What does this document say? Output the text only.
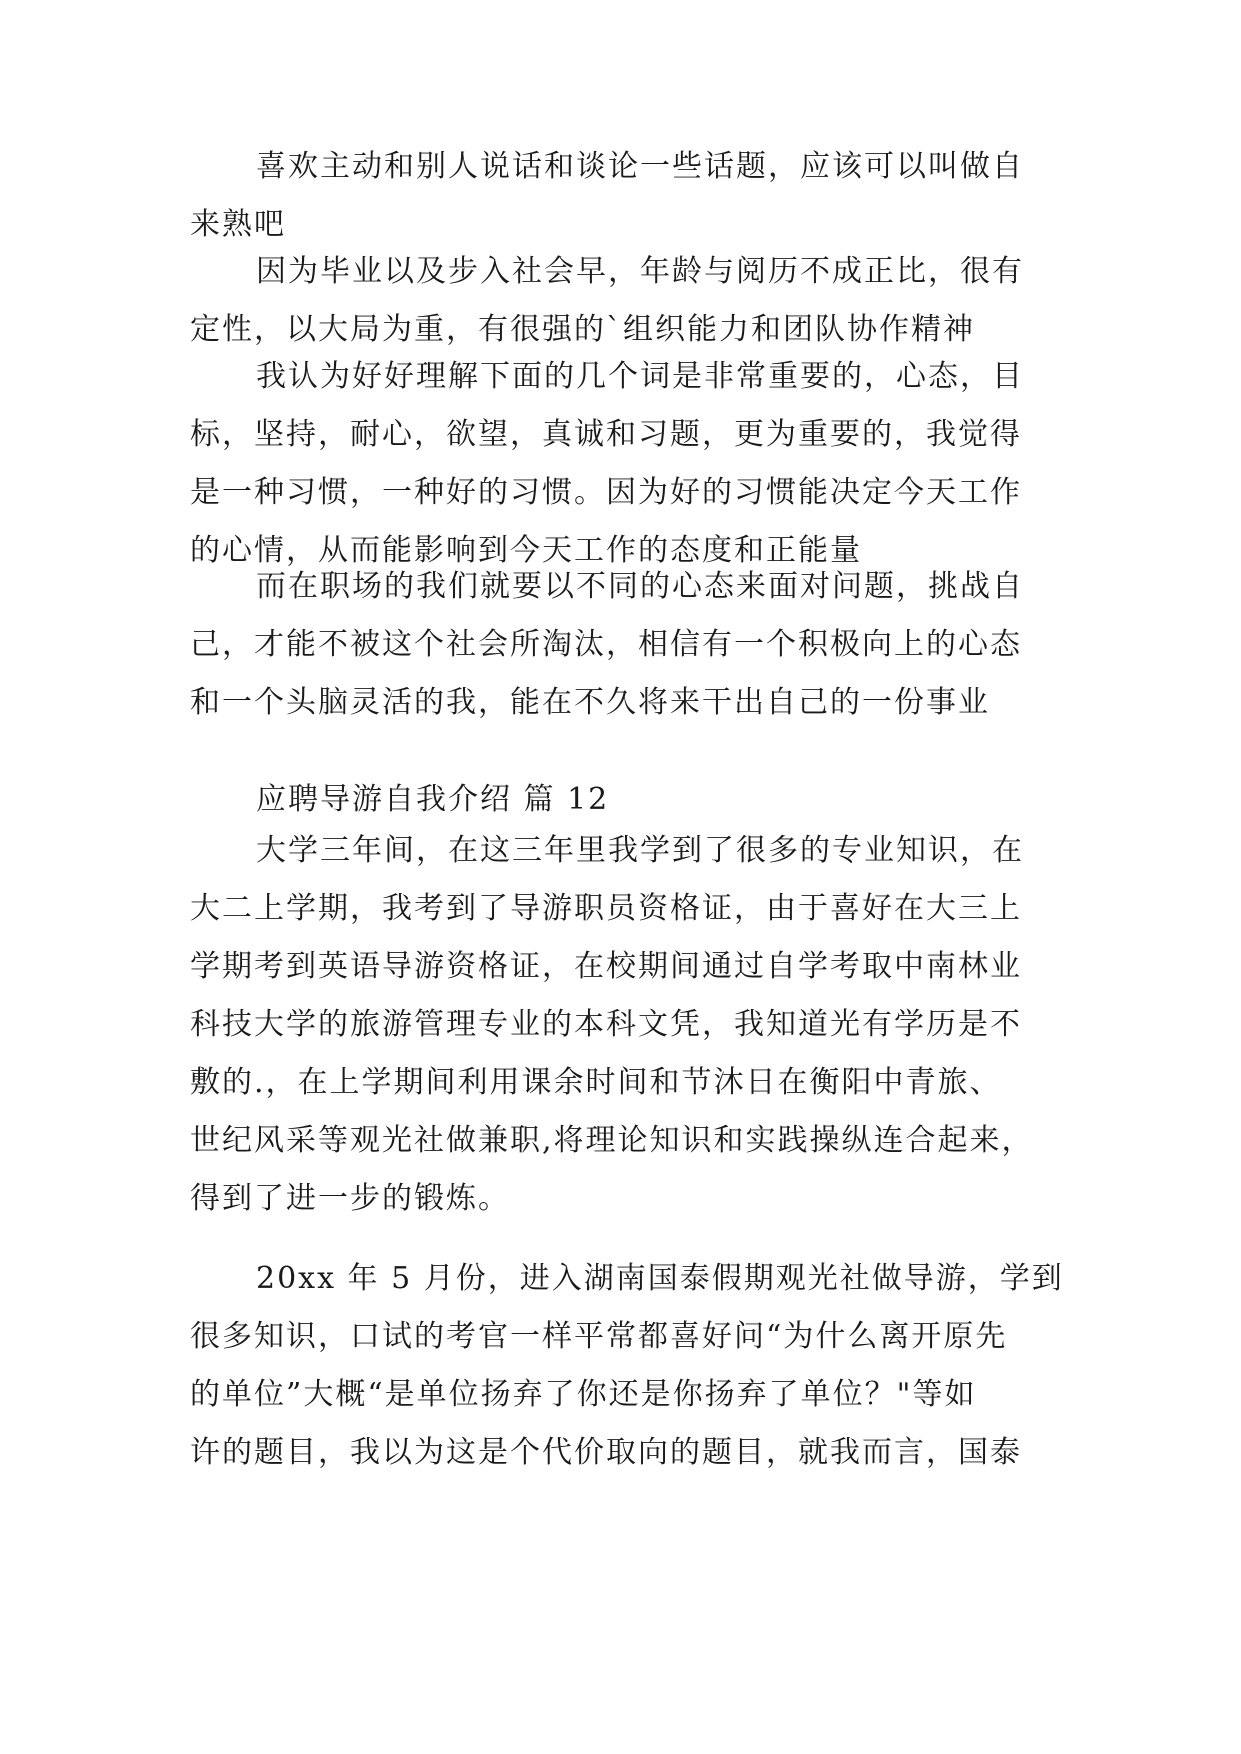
喜欢主动和别人说话和谈论一些话题，应该可以叫做自
来熟吧

因为毕业以及步入社会早，年龄与阅历不成正比，很有
定性，以大局为重，有很强的`组织能力和团队协作精神

我认为好好理解下面的几个词是非常重要的，心态，目
标，坚持，耐心，欲望，真诚和习题，更为重要的，我觉得
是一种习惯，一种好的习惯。因为好的习惯能决定今天工作
的心情，从而能影响到今天工作的态度和正能量

而在职场的我们就要以不同的心态来面对问题，挑战自
己，才能不被这个社会所淘汰，相信有一个积极向上的心态
和一个头脑灵活的我，能在不久将来干出自己的一份事业

应聘导游自我介绍 篇 12

大学三年间，在这三年里我学到了很多的专业知识，在
大二上学期，我考到了导游职员资格证，由于喜好在大三上
学期考到英语导游资格证，在校期间通过自学考取中南林业
科技大学的旅游管理专业的本科文凭，我知道光有学历是不
敷的.，在上学期间利用课余时间和节沐日在衡阳中青旅、
世纪风采等观光社做兼职,将理论知识和实践操纵连合起来，
得到了进一步的锻炼。

20xx 年 5 月份，进入湖南国泰假期观光社做导游，学到
很多知识，口试的考官一样平常都喜好问“为什么离开原先
的单位”大概“是单位扬弃了你还是你扬弃了单位？"等如
许的题目，我以为这是个代价取向的题目，就我而言，国泰
